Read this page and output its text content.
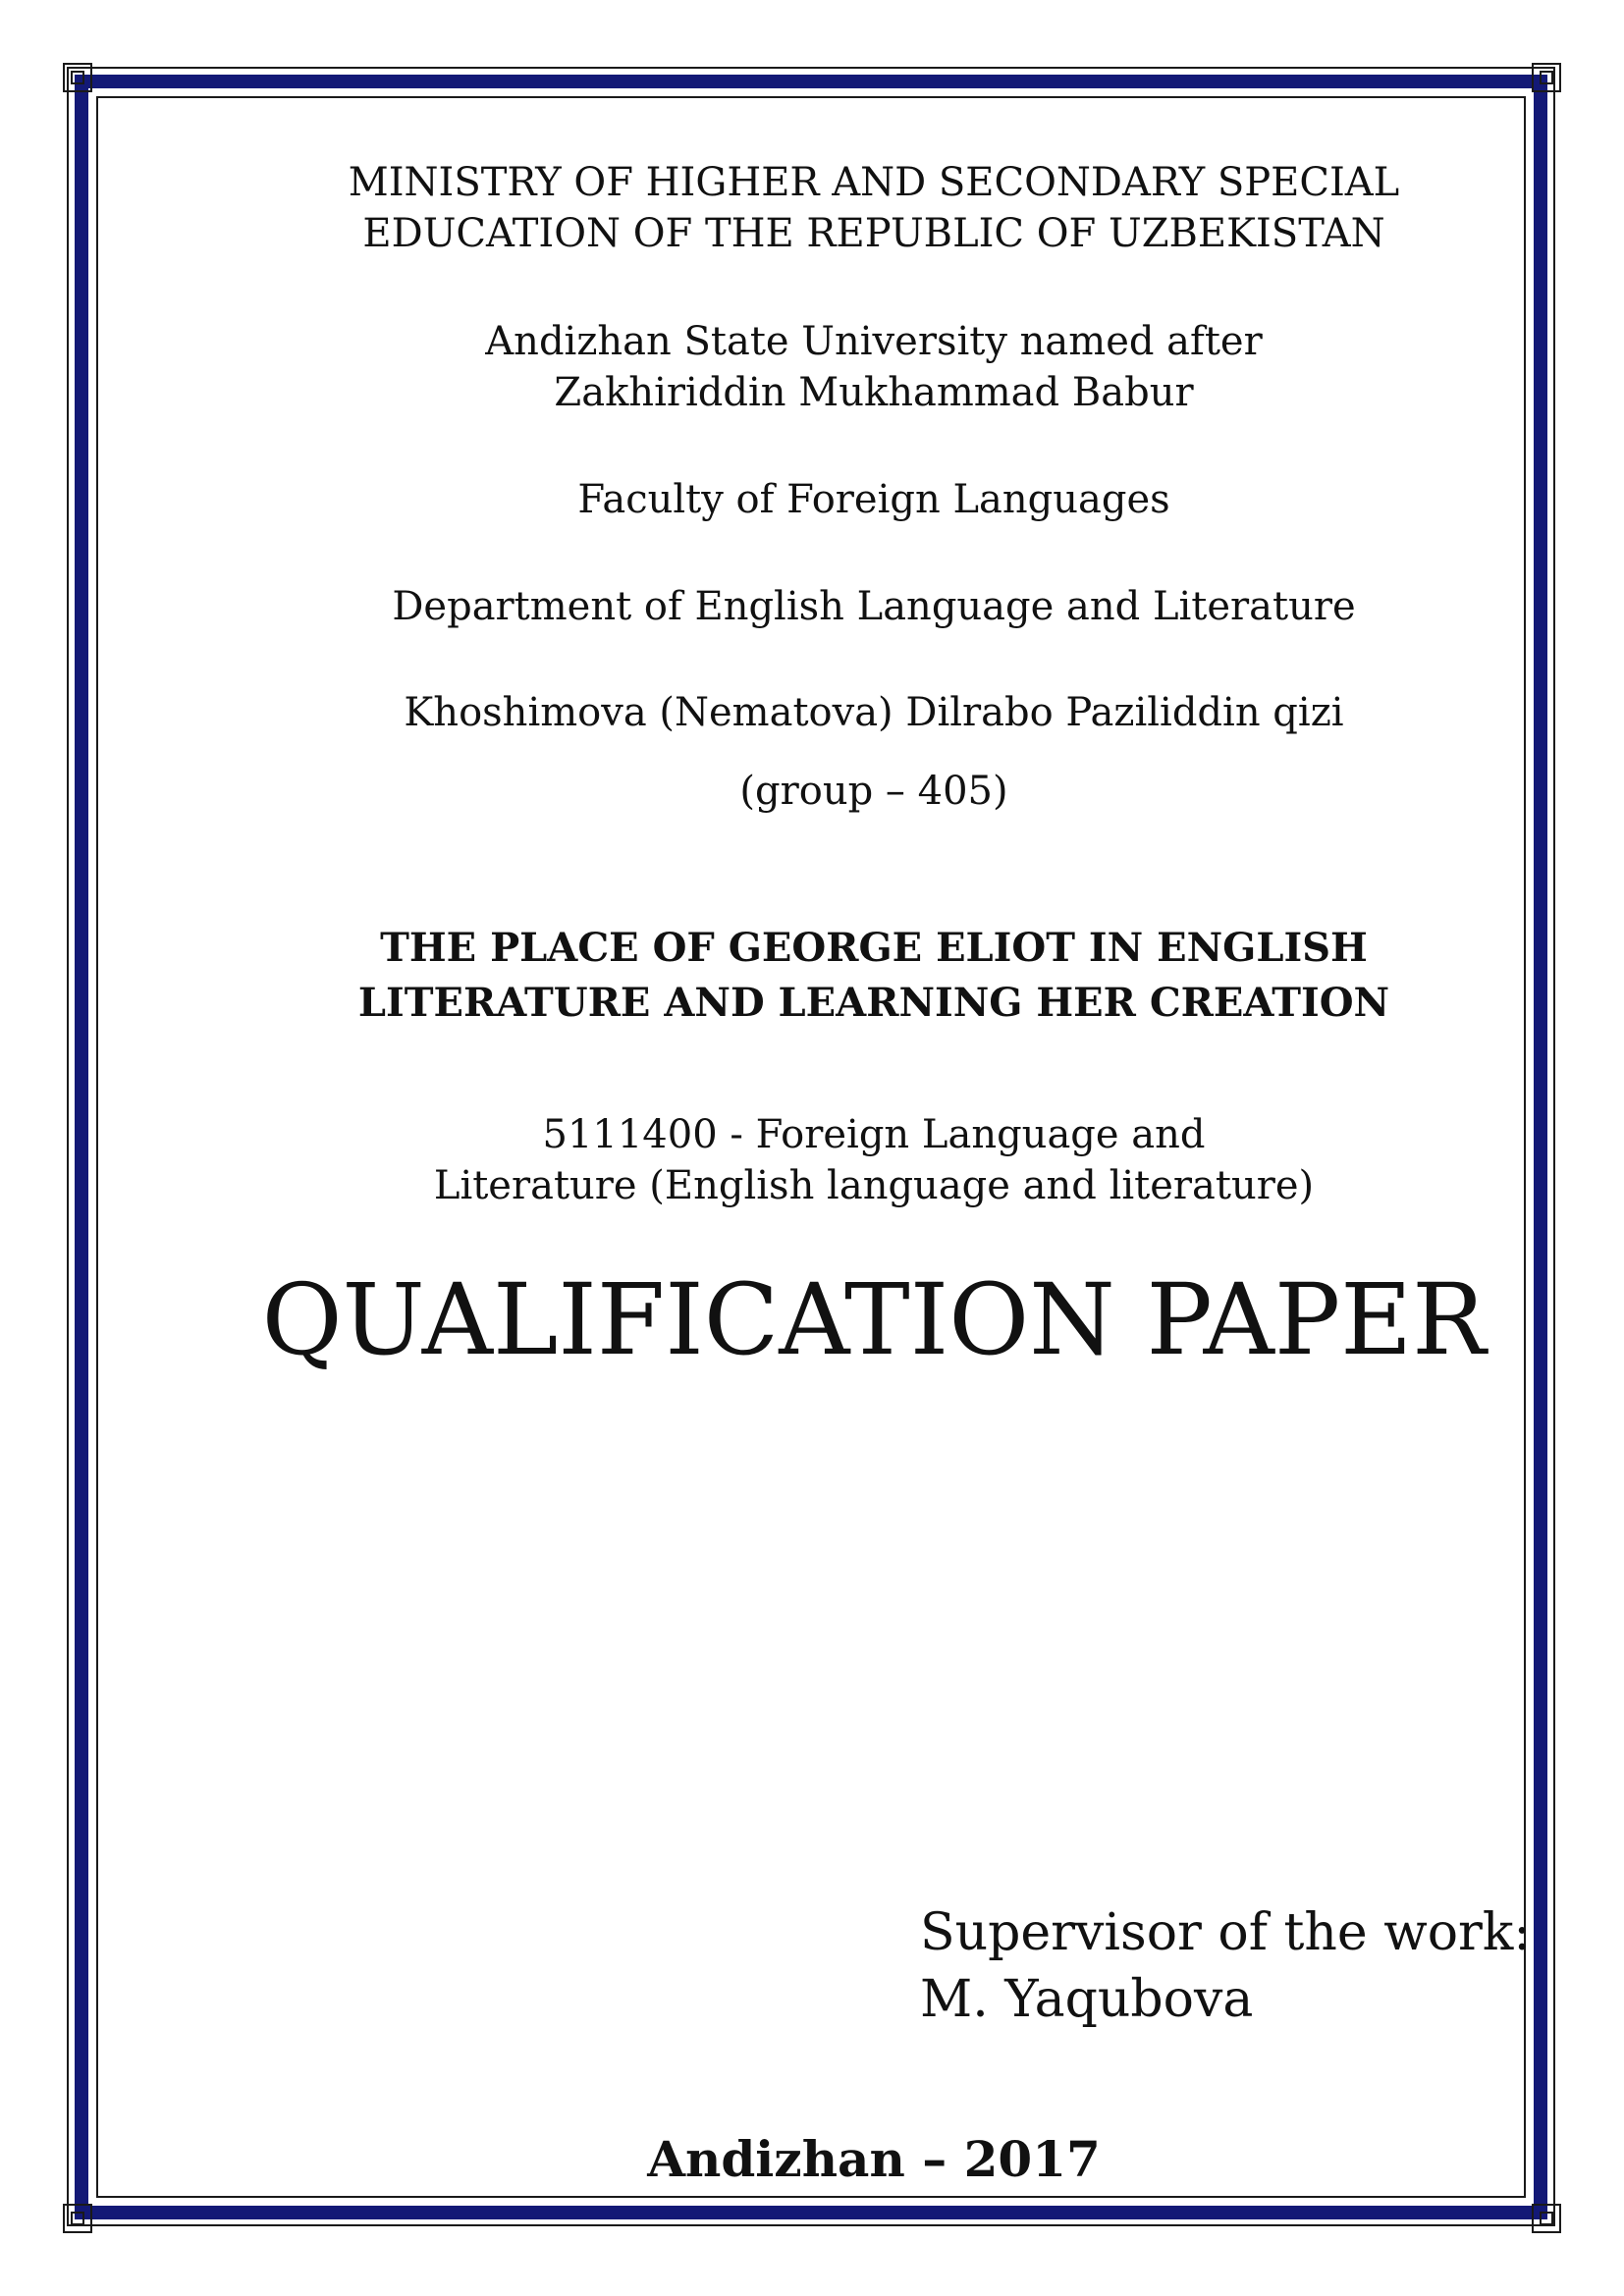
MINISTRY OF HIGHER AND SECONDARY SPECIAL

EDUCATION OF THE REPUBLIC OF UZBEKISTAN

Andizhan State University named after

Zakhiriddin Mukhammad Babur

Faculty of Foreign Languages

Department of English Language and Literature

Khoshimova (Nematova) Dilrabo Paziliddin qizi

(group – 405)

THE PLACE OF GEORGE ELIOT IN ENGLISH

LITERATURE AND LEARNING HER CREATION

5111400 - Foreign Language and

Literature (English language and literature)

QUALIFICATION PAPER

Supervisor of the work:

M. Yaqubova

Andizhan – 2017
